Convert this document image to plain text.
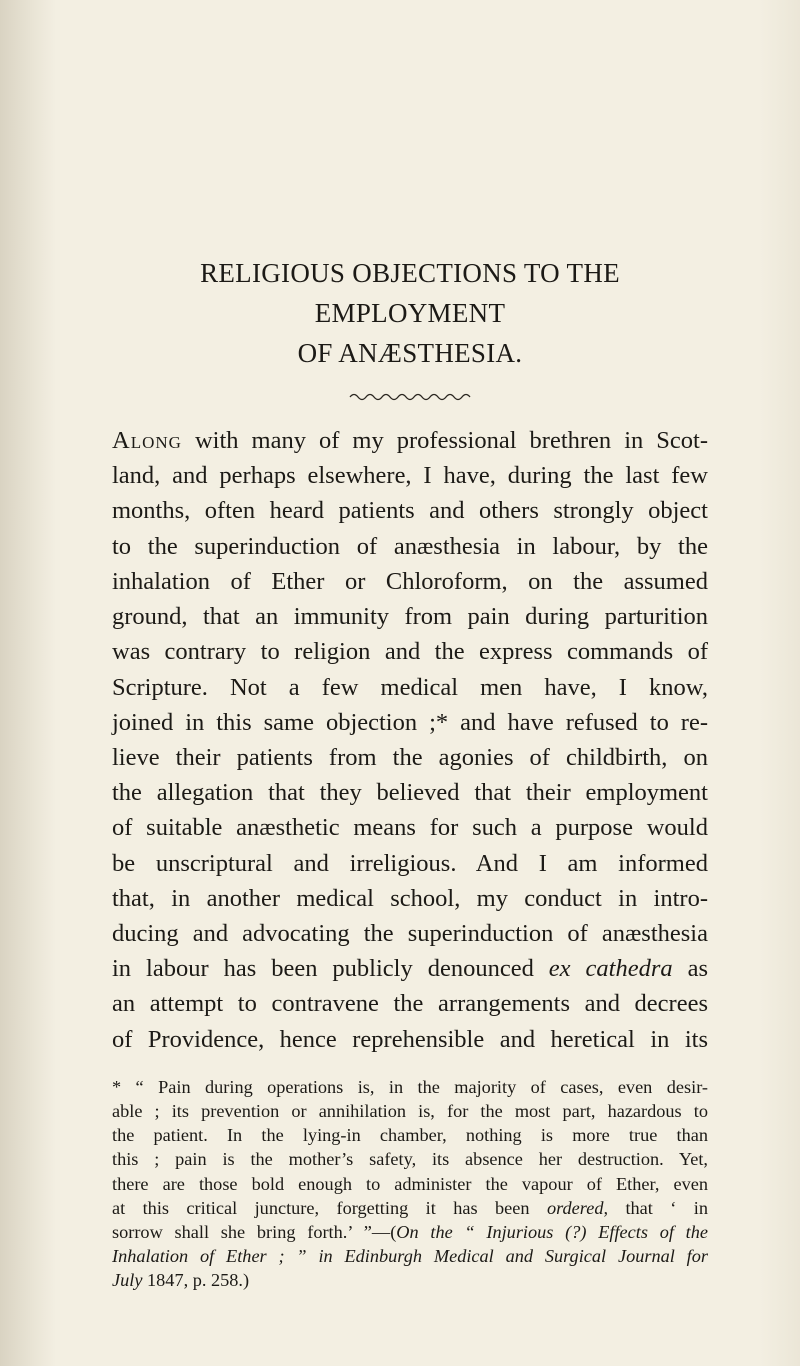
RELIGIOUS OBJECTIONS TO THE EMPLOYMENT
OF ANÆSTHESIA.
Along with many of my professional brethren in Scot-
land, and perhaps elsewhere, I have, during the last few
months, often heard patients and others strongly object
to the superinduction of anæsthesia in labour, by the
inhalation of Ether or Chloroform, on the assumed
ground, that an immunity from pain during parturition
was contrary to religion and the express commands of
Scripture. Not a few medical men have, I know,
joined in this same objection ;* and have refused to re-
lieve their patients from the agonies of childbirth, on
the allegation that they believed that their employment
of suitable anæsthetic means for such a purpose would
be unscriptural and irreligious. And I am informed
that, in another medical school, my conduct in intro-
ducing and advocating the superinduction of anæsthesia
in labour has been publicly denounced ex cathedra as
an attempt to contravene the arrangements and decrees
of Providence, hence reprehensible and heretical in its
* “ Pain during operations is, in the majority of cases, even desir-
able ; its prevention or annihilation is, for the most part, hazardous to
the patient. In the lying-in chamber, nothing is more true than
this ; pain is the mother’s safety, its absence her destruction. Yet,
there are those bold enough to administer the vapour of Ether, even
at this critical juncture, forgetting it has been ordered, that ‘ in
sorrow shall she bring forth.’ ”—(On the “ Injurious (?) Effects of the
Inhalation of Ether ; ” in Edinburgh Medical and Surgical Journal for
July 1847, p. 258.)
